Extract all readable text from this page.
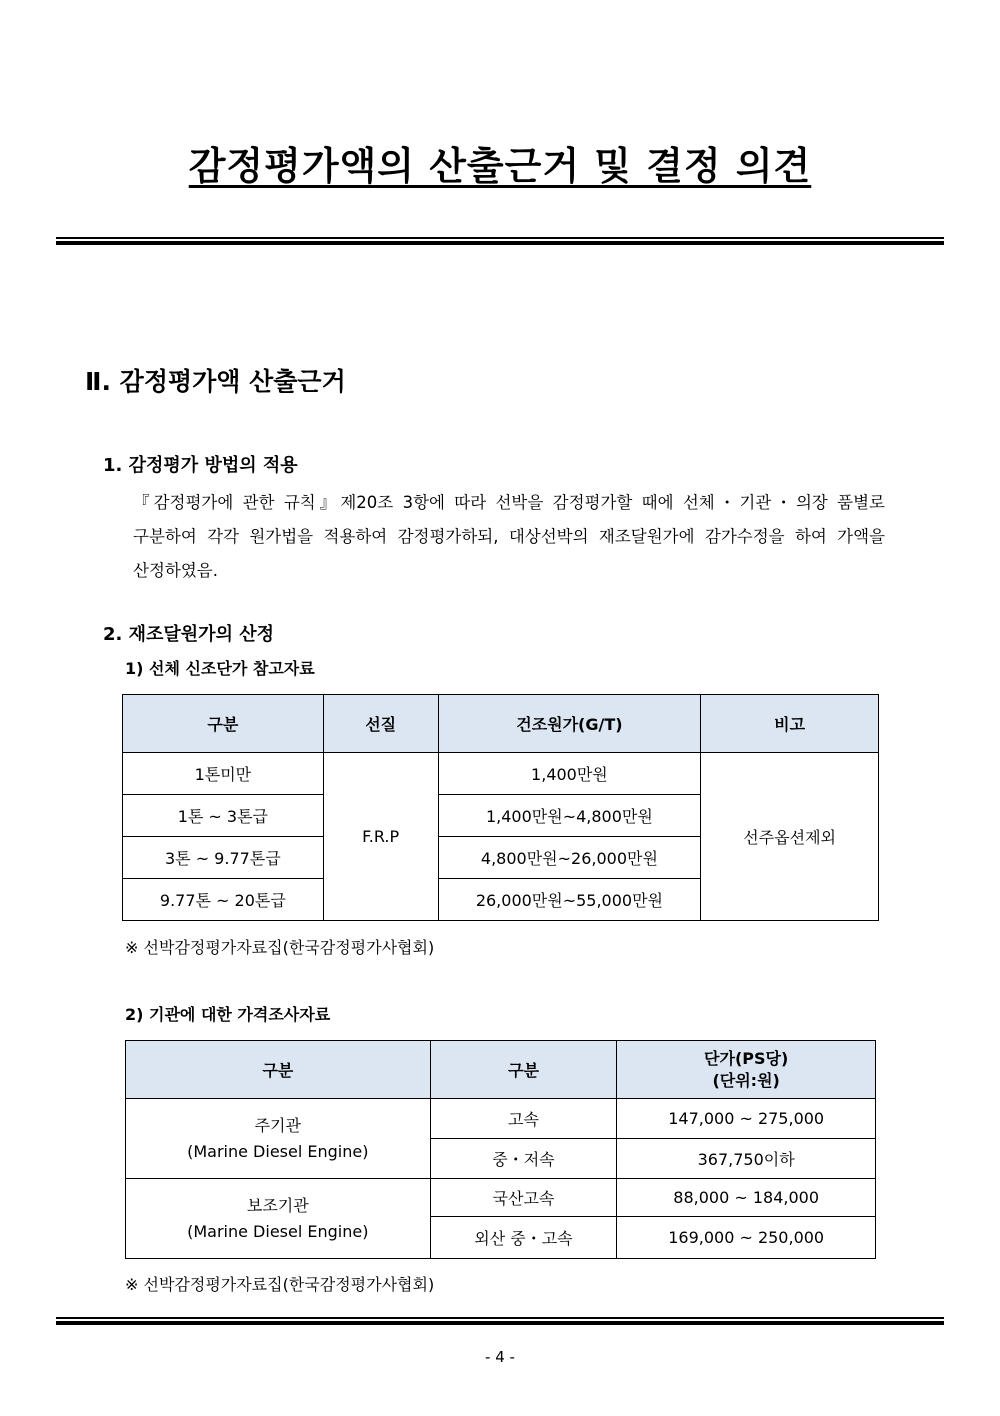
감정평가액의 산출근거 및 결정 의견
Ⅱ. 감정평가액 산출근거
1. 감정평가 방법의 적용
『감정평가에 관한 규칙』제20조 3항에 따라 선박을 감정평가할 때에 선체・기관・의장 품별로 구분하여 각각 원가법을 적용하여 감정평가하되, 대상선박의 재조달원가에 감가수정을 하여 가액을 산정하였음.
2. 재조달원가의 산정
1) 선체 신조단가 참고자료
구분	선질	건조원가(G/T)	비고
1톤미만	F.R.P	1,400만원	선주옵션제외
1톤 ~ 3톤급		1,400만원~4,800만원	
3톤 ~ 9.77톤급		4,800만원~26,000만원	
9.77톤 ~ 20톤급		26,000만원~55,000만원	
※ 선박감정평가자료집(한국감정평가사협회)
2) 기관에 대한 가격조사자료
구분	구분	단가(PS당)
(단위:원)

주기관
(Marine Diesel Engine)	고속	147,000 ~ 275,000
	중・저속	367,750이하

보조기관
(Marine Diesel Engine)	국산고속	88,000 ~ 184,000
	외산 중・고속	169,000 ~ 250,000
※ 선박감정평가자료집(한국감정평가사협회)
- 4 -
